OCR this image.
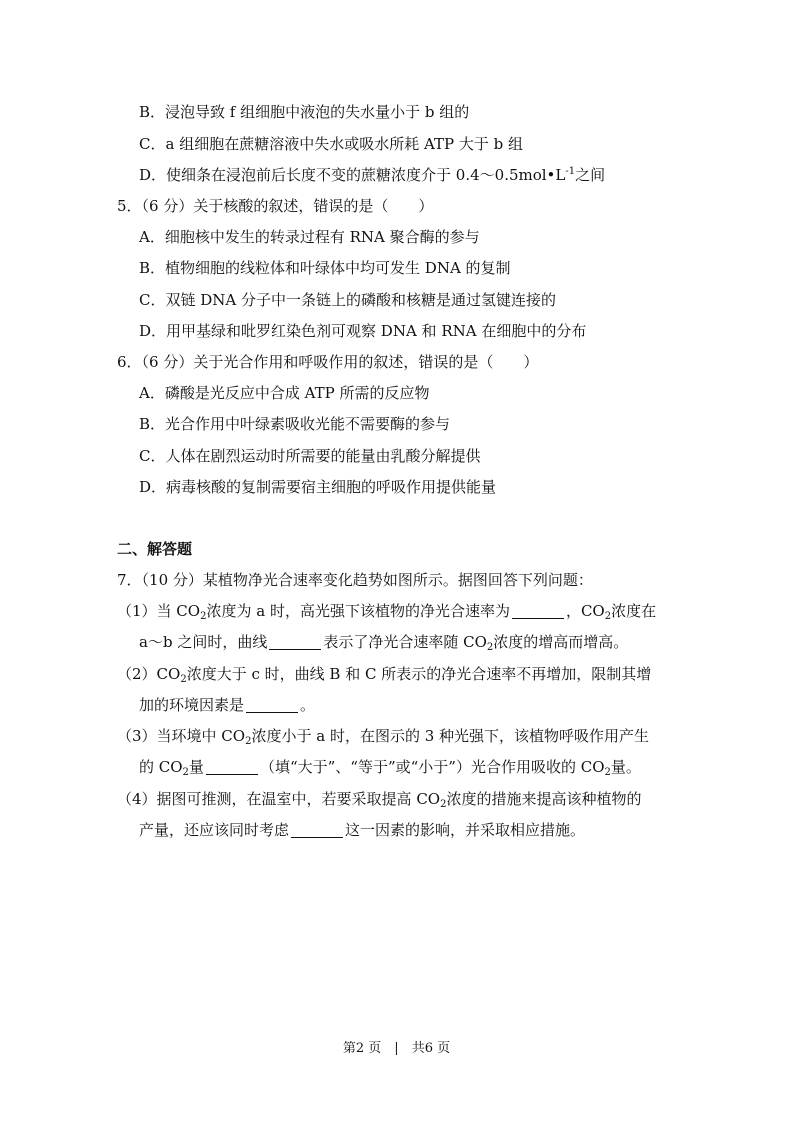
B．浸泡导致 f 组细胞中液泡的失水量小于 b 组的
C．a 组细胞在蔗糖溶液中失水或吸水所耗 ATP 大于 b 组
D．使细条在浸泡前后长度不变的蔗糖浓度介于 $0.4\sim 0.5mol•L^{-1}$之间
5．（6 分）关于核酸的叙述，错误的是（　　）
A．细胞核中发生的转录过程有 RNA 聚合酶的参与
B．植物细胞的线粒体和叶绿体中均可发生 DNA 的复制
C．双链 DNA 分子中一条链上的磷酸和核糖是通过氢键连接的
D．用甲基绿和吡罗红染色剂可观察 DNA 和 RNA 在细胞中的分布
6．（6 分）关于光合作用和呼吸作用的叙述，错误的是（　　）
A．磷酸是光反应中合成 ATP 所需的反应物
B．光合作用中叶绿素吸收光能不需要酶的参与
C．人体在剧烈运动时所需要的能量由乳酸分解提供
D．病毒核酸的复制需要宿主细胞的呼吸作用提供能量
二、解答题
7．（10 分）某植物净光合速率变化趋势如图所示。据图回答下列问题：
（1）当 $CO_2$浓度为 a 时，高光强下该植物的净光合速率为	，$CO_2$浓度在
a～b 之间时，曲线	表示了净光合速率随 $CO_2$浓度的增高而增高。
$(2)CO_2$浓度大于 c 时，曲线 B 和 C 所表示的净光合速率不再增加，限制其增
加的环境因素是	。
（3）当环境中 $CO_2$浓度小于 a 时，在图示的 3 种光强下，该植物呼吸作用产生
的 $CO_2$量	（填“大于”、“等于”或“小于”）光合作用吸收的 $CO_2$量。
（4）据图可推测，在温室中，若要采取提高 $CO_2$浓度的措施来提高该种植物的
产量，还应该同时考虑	这一因素的影响，并采取相应措施。
第2 页　|　共6 页
